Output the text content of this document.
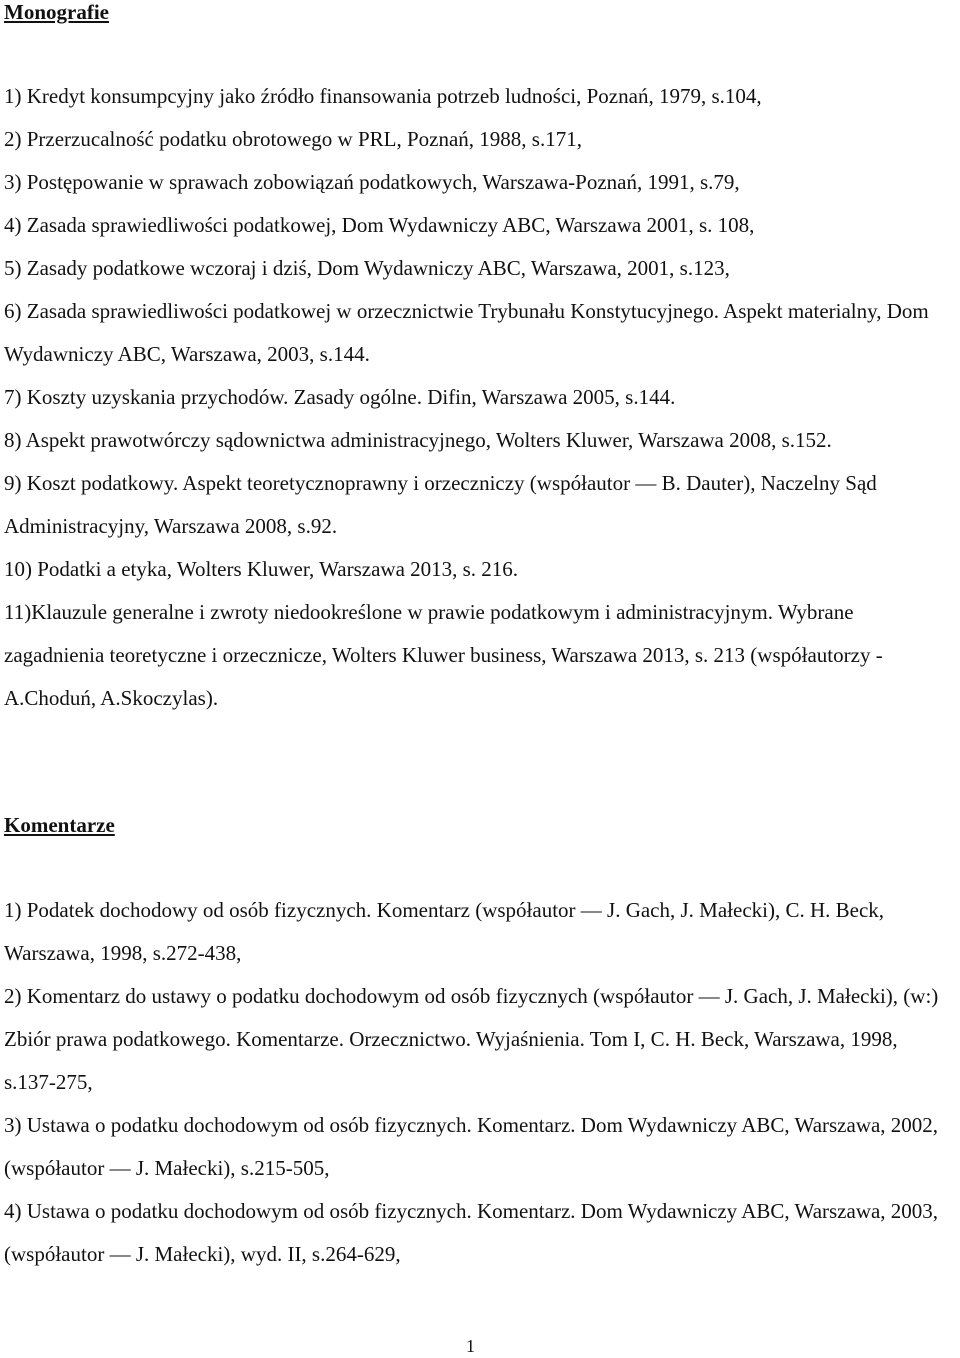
Monografie

1) Kredyt konsumpcyjny jako źródło finansowania potrzeb ludności, Poznań, 1979, s.104,

2) Przerzucalność podatku obrotowego w PRL, Poznań, 1988, s.171,

3) Postępowanie w sprawach zobowiązań podatkowych, Warszawa-Poznań, 1991, s.79,

4) Zasada sprawiedliwości podatkowej, Dom Wydawniczy ABC, Warszawa 2001, s. 108,

5) Zasady podatkowe wczoraj i dziś, Dom Wydawniczy ABC, Warszawa, 2001, s.123,

6) Zasada sprawiedliwości podatkowej w orzecznictwie Trybunału Konstytucyjnego. Aspekt materialny, Dom Wydawniczy ABC, Warszawa, 2003, s.144.

7) Koszty uzyskania przychodów. Zasady ogólne. Difin, Warszawa 2005, s.144.

8) Aspekt prawotwórczy sądownictwa administracyjnego, Wolters Kluwer, Warszawa 2008, s.152.

9) Koszt podatkowy. Aspekt teoretycznoprawny i orzeczniczy (współautor — B. Dauter), Naczelny Sąd Administracyjny, Warszawa 2008, s.92.

10) Podatki a etyka, Wolters Kluwer, Warszawa 2013, s. 216.

11)Klauzule generalne i zwroty niedookreślone w prawie podatkowym i administracyjnym. Wybrane zagadnienia teoretyczne i orzecznicze, Wolters Kluwer business, Warszawa 2013, s. 213 (współautorzy - A.Choduń, A.Skoczylas).

Komentarze

1) Podatek dochodowy od osób fizycznych. Komentarz (współautor — J. Gach, J. Małecki), C. H. Beck, Warszawa, 1998, s.272-438,

2) Komentarz do ustawy o podatku dochodowym od osób fizycznych (współautor — J. Gach, J. Małecki), (w:) Zbiór prawa podatkowego. Komentarze. Orzecznictwo. Wyjaśnienia. Tom I, C. H. Beck, Warszawa, 1998, s.137-275,

3) Ustawa o podatku dochodowym od osób fizycznych. Komentarz. Dom Wydawniczy ABC, Warszawa, 2002, (współautor — J. Małecki), s.215-505,

4) Ustawa o podatku dochodowym od osób fizycznych. Komentarz. Dom Wydawniczy ABC, Warszawa, 2003, (współautor — J. Małecki), wyd. II, s.264-629,

1
